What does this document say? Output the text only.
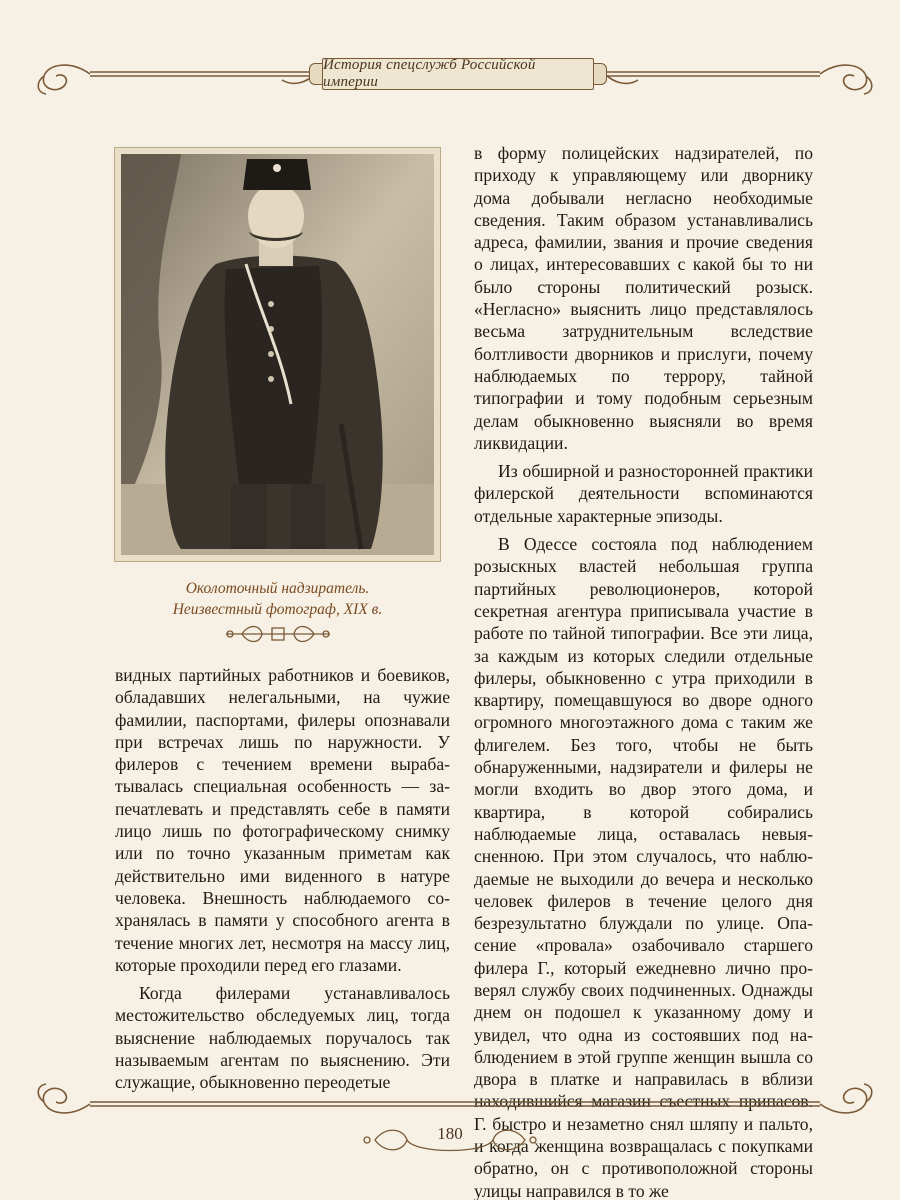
История спецслужб Российской империи
Околоточный надзиратель.
Неизвестный фотограф, XIX в.

видных партийных работников и боевиков, обладавших нелегальными, на чужие фамилии, паспортами, филеры опознавали при встречах лишь по наружности. У филеров с течением времени вырабатывалась специальная особенность — запечатлевать и представлять себе в памяти лицо лишь по фотографическому снимку или по точно указанным приметам как действительно ими виденного в натуре человека. Внешность наблюдаемого сохранялась в памяти у способного агента в течение многих лет, несмотря на массу лиц, которые проходили перед его глазами.

Когда филерами устанавливалось местожительство обследуемых лиц, тогда выяснение наблюдаемых поручалось так называемым агентам по выяснению. Эти служащие, обыкновенно переодетые

в форму полицейских надзирателей, по приходу к управляющему или дворнику дома добывали негласно необходимые сведения. Таким образом устанавливались адреса, фамилии, звания и прочие сведения о лицах, интересовавших с какой бы то ни было стороны политический розыск. «Негласно» выяснить лицо представлялось весьма затруднительным вследствие болтливости дворников и прислуги, почему наблюдаемых по террору, тайной типографии и тому подобным серьезным делам обыкновенно выясняли во время ликвидации.

Из обширной и разносторонней практики филерской деятельности вспоминаются отдельные характерные эпизоды.

В Одессе состояла под наблюдением розыскных властей небольшая группа партийных революционеров, которой секретная агентура приписывала участие в работе по тайной типографии. Все эти лица, за каждым из которых следили отдельные филеры, обыкновенно с утра приходили в квартиру, помещавшуюся во дворе одного огромного многоэтажного дома с таким же флигелем. Без того, чтобы не быть обнаруженными, надзиратели и филеры не могли входить во двор этого дома, и квартира, в которой собирались наблюдаемые лица, оставалась невыясненною. При этом случалось, что наблюдаемые не выходили до вечера и несколько человек филеров в течение целого дня безрезультатно блуждали по улице. Опасение «провала» озабочивало старшего филера Г., который ежедневно лично проверял службу своих подчиненных. Однажды днем он подошел к указанному дому и увидел, что одна из состоявших под наблюдением в этой группе женщин вышла со двора в платке и направилась в вблизи находившийся магазин съестных припасов. Г. быстро и незаметно снял шляпу и пальто, и когда женщина возвращалась с покупками обратно, он с противоположной стороны улицы направился в то же

180
